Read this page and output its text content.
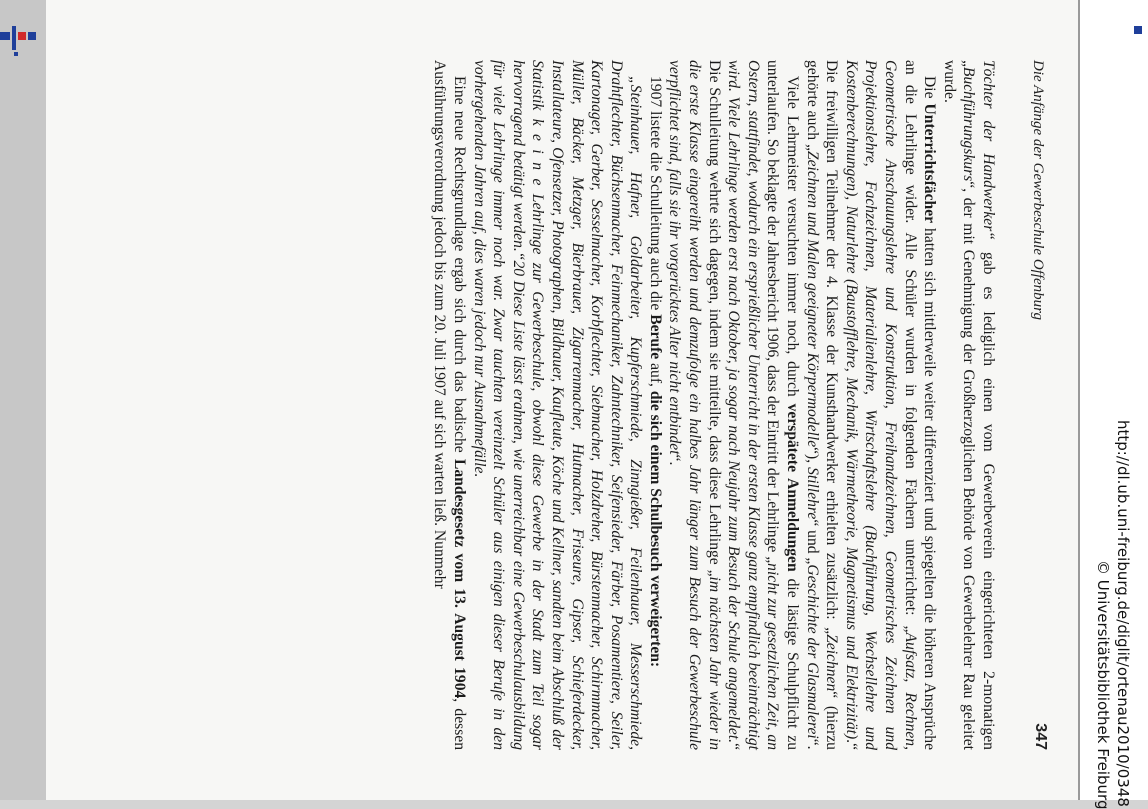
Die Anfänge der Gewerbeschule Offenburg
347

Töchter der Handwerker“ gab es lediglich einen vom Gewerbeverein eingerichteten 2-monatigen „Buchführungskurs“, der mit Genehmigung der Großherzoglichen Behörde von Gewerbelehrer Rau geleitet wurde.

Die Unterrichtsfächer hatten sich mittlerweile weiter differenziert und spiegelten die höheren Ansprüche an die Lehrlinge wider. Alle Schüler wurden in folgenden Fächern unterrichtet: „Aufsatz, Rechnen, Geometrische Anschauungslehre und Konstruktion, Freihandzeichnen, Geometrisches Zeichnen und Projektionslehre, Fachzeichnen, Materialienlehre, Wirtschaftslehre (Buchführung, Wechsellehre und Kostenberechnungen), Naturlehre (Baustofflehre, Mechanik, Wärmetheorie, Magnetismus und Elektrizität).“ Die freiwilligen Teilnehmer der 4. Klasse der Kunsthandwerker erhielten zusätzlich: „Zeichnen“ (hierzu gehörte auch „Zeichnen und Malen geeigneter Körpermodelle“), Stillehre“ und „Geschichte der Glasmalerei“.

Viele Lehrmeister versuchten immer noch, durch verspätete Anmeldungen die lästige Schulpflicht zu unterlaufen. So beklagte der Jahresbericht 1906, dass der Eintritt der Lehrlinge „nicht zur gesetzlichen Zeit, an Ostern, stattfindet, wodurch ein ersprießlicher Unterricht in der ersten Klasse ganz empfindlich beeinträchtigt wird. Viele Lehrlinge werden erst nach Oktober, ja sogar nach Neujahr zum Besuch der Schule angemeldet.“ Die Schulleitung wehrte sich dagegen, indem sie mitteilte, dass diese Lehrlinge „im nächsten Jahr wieder in die erste Klasse eingereiht werden und demzufolge ein halbes Jahr länger zum Besuch der Gewerbeschule verpflichtet sind, falls sie ihr vorgerücktes Alter nicht entbindet“.

1907 listete die Schulleitung auch die Berufe auf, die sich einem Schulbesuch verweigerten:

„Steinhauer, Hafner, Goldarbeiter, Kupferschmiede, Zinngießer, Feilenhauer, Messerschmiede, Drahtflechter, Büchsenmacher, Feinmechaniker, Zahntechniker, Seifensieder, Färber, Posamentiere, Seiler, Kartonager, Gerber, Sesselmacher, Korbflechter, Siebmacher, Holzdreher, Bürstenmacher, Schirmmacher, Müller, Bäcker, Metzger, Bierbrauer, Zigarrenmacher, Hutmacher, Friseure, Gipser, Schieferdecker, Installateure, Ofensetzer, Photographen, Bildhauer, Kaufleute, Köche und Kellner, sandten beim Abschluß der Statistik k e i n e Lehrlinge zur Gewerbeschule, obwohl diese Gewerbe in der Stadt zum Teil sogar hervorragend betätigt werden.“20 Diese Liste lässt erahnen, wie unerreichbar eine Gewerbeschulausbildung für viele Lehrlinge immer noch war. Zwar tauchten vereinzelt Schüler aus einigen dieser Berufe in den vorhergehenden Jahren auf, dies waren jedoch nur Ausnahmefälle.

Eine neue Rechtsgrundlage ergab sich durch das badische Landesgesetz vom 13. August 1904, dessen Ausführungsverordnung jedoch bis zum 20. Juli 1907 auf sich warten ließ. Nunmehr

http://dl.ub.uni-freiburg.de/diglit/ortenau2010/0348
© Universitätsbibliothek Freiburg
